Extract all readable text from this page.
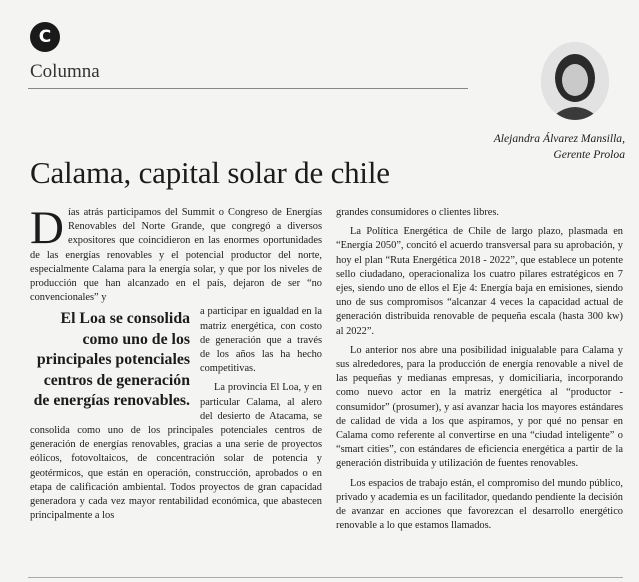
C
Columna
Alejandra Álvarez Mansilla,
Gerente Proloa
Calama, capital solar de chile

Días atrás participamos del Summit o Congreso de Energías Renovables del Norte Grande, que congregó a diversos expositores que coincidieron en las enormes oportunidades de las energías renovables y el potencial productor del norte, especialmente Calama para la energía solar, y que por los niveles de producción que han alcanzado en el país, dejaron de ser “no convencionales” y

El Loa se consolida como uno de los principales potenciales centros de generación de energías renovables.

a participar en igualdad en la matriz energética, con costo de generación que a través de los años las ha hecho competitivas.

La provincia El Loa, y en particular Calama, al alero del desierto de Atacama, se consolida como uno de los principales potenciales centros de generación de energías renovables, gracias a una serie de proyectos eólicos, fotovoltaicos, de concentración solar de potencia y geotérmicos, que están en operación, construcción, aprobados o en etapa de calificación ambiental. Todos proyectos de gran capacidad generadora y cada vez mayor rentabilidad económica, que abastecen principalmente a los

grandes consumidores o clientes libres.

La Política Energética de Chile de largo plazo, plasmada en “Energía 2050”, concitó el acuerdo transversal para su aprobación, y hoy el plan “Ruta Energética 2018 - 2022”, que establece un potente sello ciudadano, operacionaliza los cuatro pilares estratégicos en 7 ejes, siendo uno de ellos el Eje 4: Energía baja en emisiones, siendo uno de sus compromisos “alcanzar 4 veces la capacidad actual de generación distribuida renovable de pequeña escala (hasta 300 kw) al 2022”.

Lo anterior nos abre una posibilidad inigualable para Calama y sus alrededores, para la producción de energía renovable a nivel de las pequeñas y medianas empresas, y domiciliaria, incorporando como nuevo actor en la matriz energética al “productor - consumidor” (prosumer), y así avanzar hacia los mayores estándares de calidad de vida a los que aspiramos, y por qué no pensar en Calama como referente al convertirse en una “ciudad inteligente” o “smart cities”, con estándares de eficiencia energética a partir de la generación distribuida y utilización de fuentes renovables.

Los espacios de trabajo están, el compromiso del mundo público, privado y academia es un facilitador, quedando pendiente la decisión de avanzar en acciones que favorezcan el desarrollo energético renovable a lo que estamos llamados.
